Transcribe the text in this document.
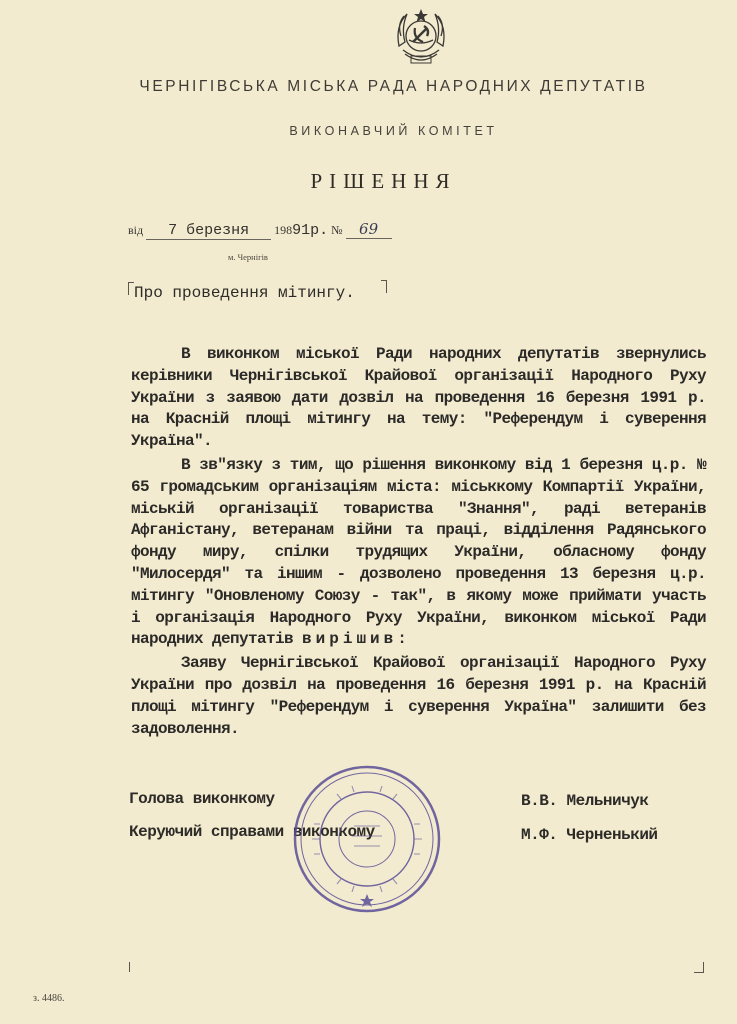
ЧЕРНІГІВСЬКА МІСЬКА РАДА НАРОДНИХ ДЕПУТАТІВ
ВИКОНАВЧИЙ КОМІТЕТ
РІШЕННЯ
від 7 березня 19891р. № 69
м. Чернігів
Про проведення мітингу.

В виконком міської Ради народних депутатів звернулись керівники Чернігівської Крайової організації Народного Руху України з заявою дати дозвіл на проведення 16 березня 1991 р. на Красній площі мітингу на тему: "Референдум і суверення Україна".

В зв"язку з тим, що рішення виконкому від 1 березня ц.р. № 65 громадським організаціям міста: міськкому Компартії України, міській організації товариства "Знання", раді ветеранів Афганістану, ветеранам війни та праці, відділення Радянського фонду миру, спілки трудящих України, обласному фонду "Милосердя" та іншим - дозволено проведення 13 березня ц.р. мітингу "Оновленому Союзу - так", в якому може приймати участь і організація Народного Руху України, виконком міської Ради народних депутатів вирішив:

Заяву Чернігівської Крайової організації Народного Руху України про дозвіл на проведення 16 березня 1991 р. на Красній площі мітингу "Референдум і суверення Україна" залишити без задоволення.

Голова виконкому	В.В. Мельничук
Керуючий справами виконкому	М.Ф. Черненький
з. 4486.
